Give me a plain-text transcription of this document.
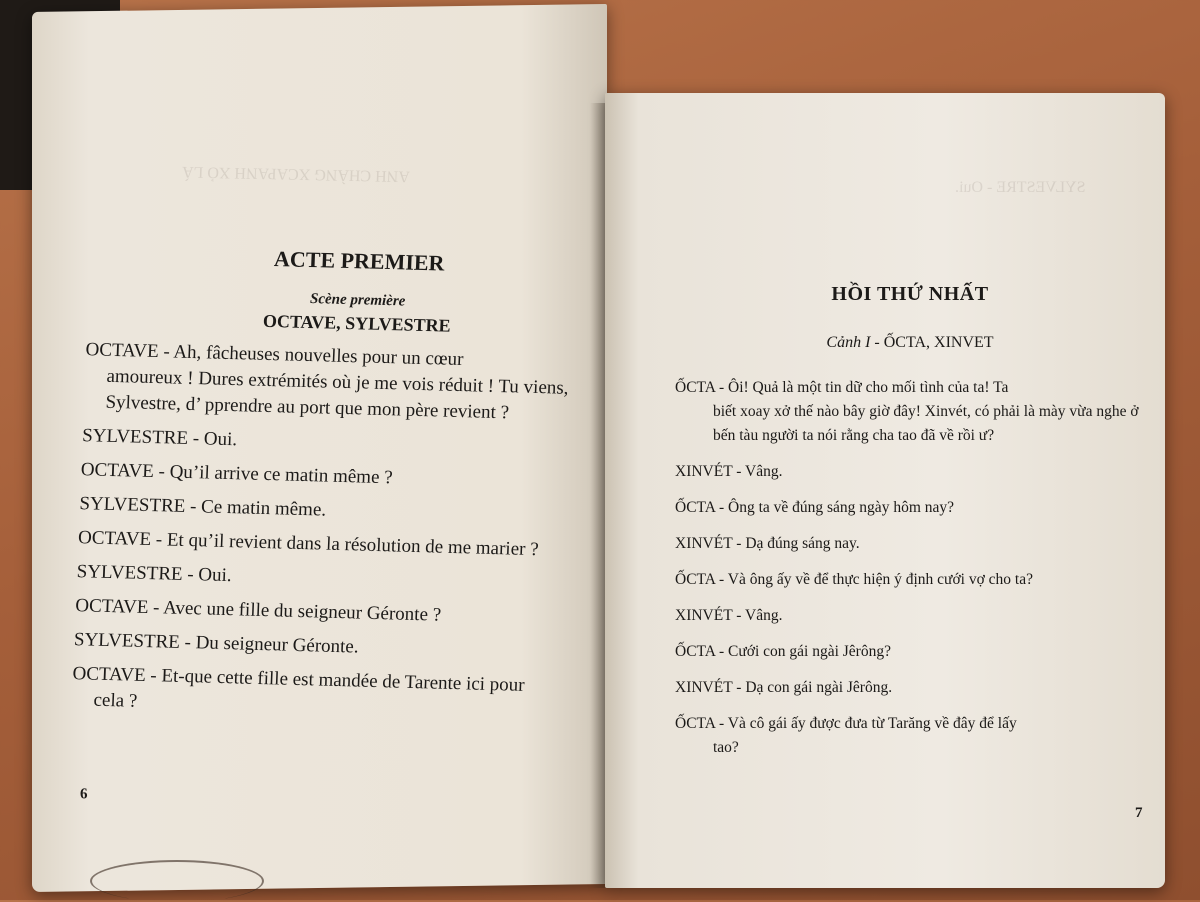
ANH CHÀNG XCAPANH XỎ LÁ
ACTE PREMIER
Scène première
OCTAVE, SYLVESTRE
OCTAVE - Ah, fâcheuses nouvelles pour un cœur
amoureux ! Dures extrémités où je me vois réduit ! Tu viens, Sylvestre, d’ pprendre au port que mon père revient ?
SYLVESTRE - Oui.
OCTAVE - Qu’il arrive ce matin même ?
SYLVESTRE - Ce matin même.
OCTAVE - Et qu’il revient dans la résolution de me marier ?
SYLVESTRE - Oui.
OCTAVE - Avec une fille du seigneur Géronte ?
SYLVESTRE - Du seigneur Géronte.
OCTAVE - Et-que cette fille est mandée de Tarente ici pour
cela ?
6
SYLVESTRE - Oui.
HỒI THỨ NHẤT
Cảnh I - ỐCTA, XINVET
ỐCTA - Ôi! Quả là một tin dữ cho mối tình của ta! Ta
biết xoay xở thế nào bây giờ đây! Xinvét, có phải là mày vừa nghe ở bến tàu người ta nói rằng cha tao đã về rồi ư?
XINVÉT - Vâng.
ỐCTA - Ông ta về đúng sáng ngày hôm nay?
XINVÉT - Dạ đúng sáng nay.
ỐCTA - Và ông ấy về để thực hiện ý định cưới vợ cho ta?
XINVÉT - Vâng.
ỐCTA - Cưới con gái ngài Jêrông?
XINVÉT - Dạ con gái ngài Jêrông.
ỐCTA - Và cô gái ấy được đưa từ Tarăng về đây để lấy
tao?
7
